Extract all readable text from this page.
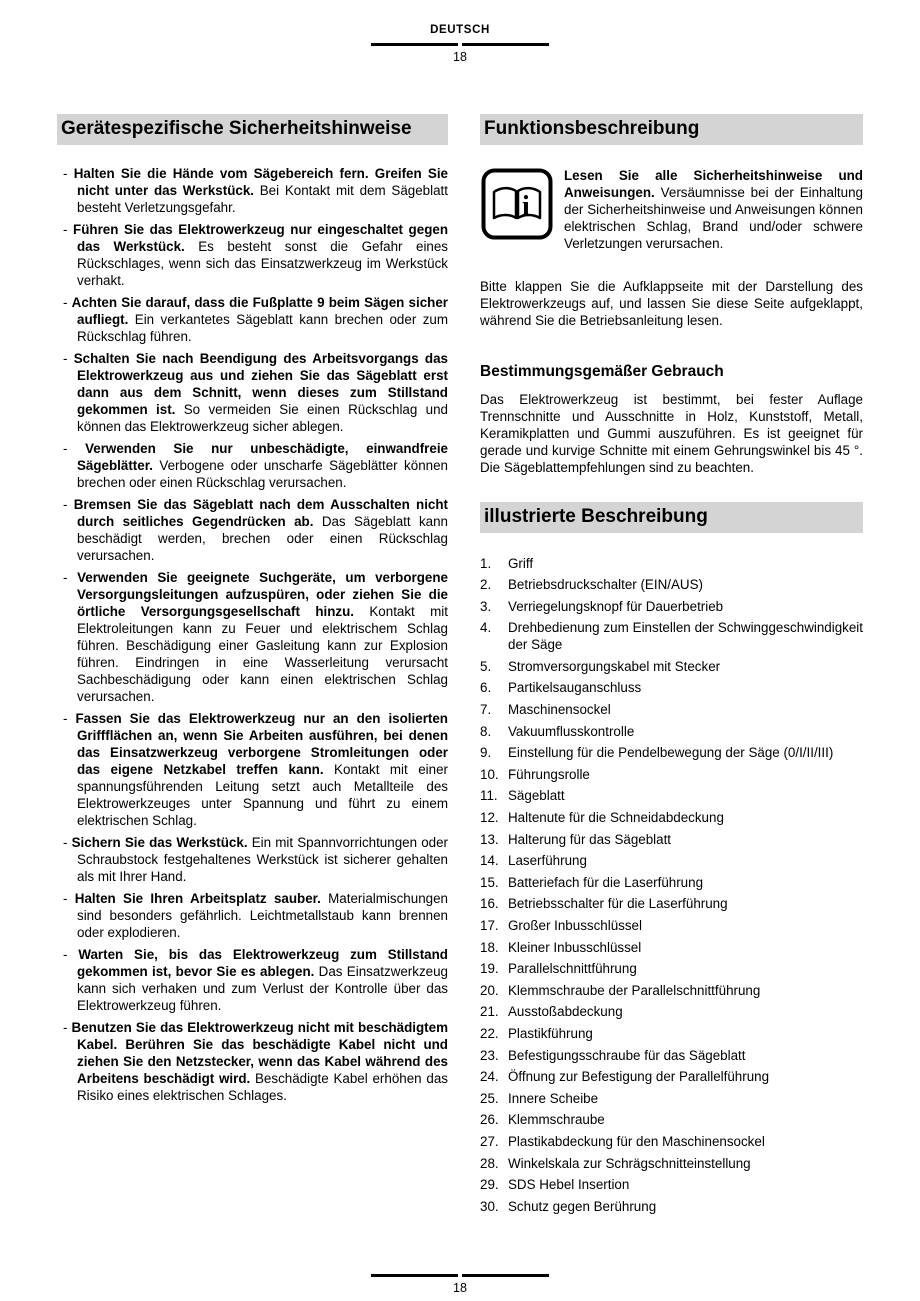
DEUTSCH
18
Gerätespezifische Sicherheitshinweise
- Halten Sie die Hände vom Sägebereich fern. Greifen Sie nicht unter das Werkstück. Bei Kontakt mit dem Sägeblatt besteht Verletzungsgefahr.
- Führen Sie das Elektrowerkzeug nur eingeschaltet gegen das Werkstück. Es besteht sonst die Gefahr eines Rückschlages, wenn sich das Einsatzwerkzeug im Werkstück verhakt.
- Achten Sie darauf, dass die Fußplatte 9 beim Sägen sicher aufliegt. Ein verkantetes Sägeblatt kann brechen oder zum Rückschlag führen.
- Schalten Sie nach Beendigung des Arbeitsvorgangs das Elektrowerkzeug aus und ziehen Sie das Sägeblatt erst dann aus dem Schnitt, wenn dieses zum Stillstand gekommen ist. So vermeiden Sie einen Rückschlag und können das Elektrowerkzeug sicher ablegen.
- Verwenden Sie nur unbeschädigte, einwandfreie Sägeblätter. Verbogene oder unscharfe Sägeblätter können brechen oder einen Rückschlag verursachen.
- Bremsen Sie das Sägeblatt nach dem Ausschalten nicht durch seitliches Gegendrücken ab. Das Sägeblatt kann beschädigt werden, brechen oder einen Rückschlag verursachen.
- Verwenden Sie geeignete Suchgeräte, um verborgene Versorgungsleitungen aufzuspüren, oder ziehen Sie die örtliche Versorgungsgesellschaft hinzu. Kontakt mit Elektroleitungen kann zu Feuer und elektrischem Schlag führen. Beschädigung einer Gasleitung kann zur Explosion führen. Eindringen in eine Wasserleitung verursacht Sachbeschädigung oder kann einen elektrischen Schlag verursachen.
- Fassen Sie das Elektrowerkzeug nur an den isolierten Griffflächen an, wenn Sie Arbeiten ausführen, bei denen das Einsatzwerkzeug verborgene Stromleitungen oder das eigene Netzkabel treffen kann. Kontakt mit einer spannungsführenden Leitung setzt auch Metallteile des Elektrowerkzeuges unter Spannung und führt zu einem elektrischen Schlag.
- Sichern Sie das Werkstück. Ein mit Spannvorrichtungen oder Schraubstock festgehaltenes Werkstück ist sicherer gehalten als mit Ihrer Hand.
- Halten Sie Ihren Arbeitsplatz sauber. Materialmischungen sind besonders gefährlich. Leichtmetallstaub kann brennen oder explodieren.
- Warten Sie, bis das Elektrowerkzeug zum Stillstand gekommen ist, bevor Sie es ablegen. Das Einsatzwerkzeug kann sich verhaken und zum Verlust der Kontrolle über das Elektrowerkzeug führen.
- Benutzen Sie das Elektrowerkzeug nicht mit beschädigtem Kabel. Berühren Sie das beschädigte Kabel nicht und ziehen Sie den Netzstecker, wenn das Kabel während des Arbeitens beschädigt wird. Beschädigte Kabel erhöhen das Risiko eines elektrischen Schlages.
Funktionsbeschreibung
i

Lesen Sie alle Sicherheitshinweise und Anweisungen. Versäumnisse bei der Einhaltung der Sicherheitshinweise und Anweisungen können elektrischen Schlag, Brand und/oder schwere Verletzungen verursachen.

Bitte klappen Sie die Aufklappseite mit der Darstellung des Elektrowerkzeugs auf, und lassen Sie diese Seite aufgeklappt, während Sie die Betriebsanleitung lesen.

Bestimmungsgemäßer Gebrauch

Das Elektrowerkzeug ist bestimmt, bei fester Auflage Trennschnitte und Ausschnitte in Holz, Kunststoff, Metall, Keramikplatten und Gummi auszuführen. Es ist geeignet für gerade und kurvige Schnitte mit einem Gehrungswinkel bis 45 °. Die Sägeblattempfehlungen sind zu beachten.

illustrierte Beschreibung
1.	Griff
2.	Betriebsdruckschalter (EIN/AUS)
3.	Verriegelungsknopf für Dauerbetrieb
4.	Drehbedienung zum Einstellen der Schwinggeschwindigkeit der Säge
5.	Stromversorgungskabel mit Stecker
6.	Partikelsauganschluss
7.	Maschinensockel
8.	Vakuumflusskontrolle
9.	Einstellung für die Pendelbewegung der Säge (0/I/II/III)
10. Führungsrolle
11. Sägeblatt
12. Haltenute für die Schneidabdeckung
13. Halterung für das Sägeblatt
14. Laserführung
15. Batteriefach für die Laserführung
16. Betriebsschalter für die Laserführung
17. Großer Inbusschlüssel
18. Kleiner Inbusschlüssel
19. Parallelschnittführung
20. Klemmschraube der Parallelschnittführung
21. Ausstoßabdeckung
22. Plastikführung
23. Befestigungsschraube für das Sägeblatt
24. Öffnung zur Befestigung der Parallelführung
25. Innere Scheibe
26. Klemmschraube
27. Plastikabdeckung für den Maschinensockel
28. Winkelskala zur Schrägschnitteinstellung
29. SDS Hebel Insertion
30. Schutz gegen Berührung
18
